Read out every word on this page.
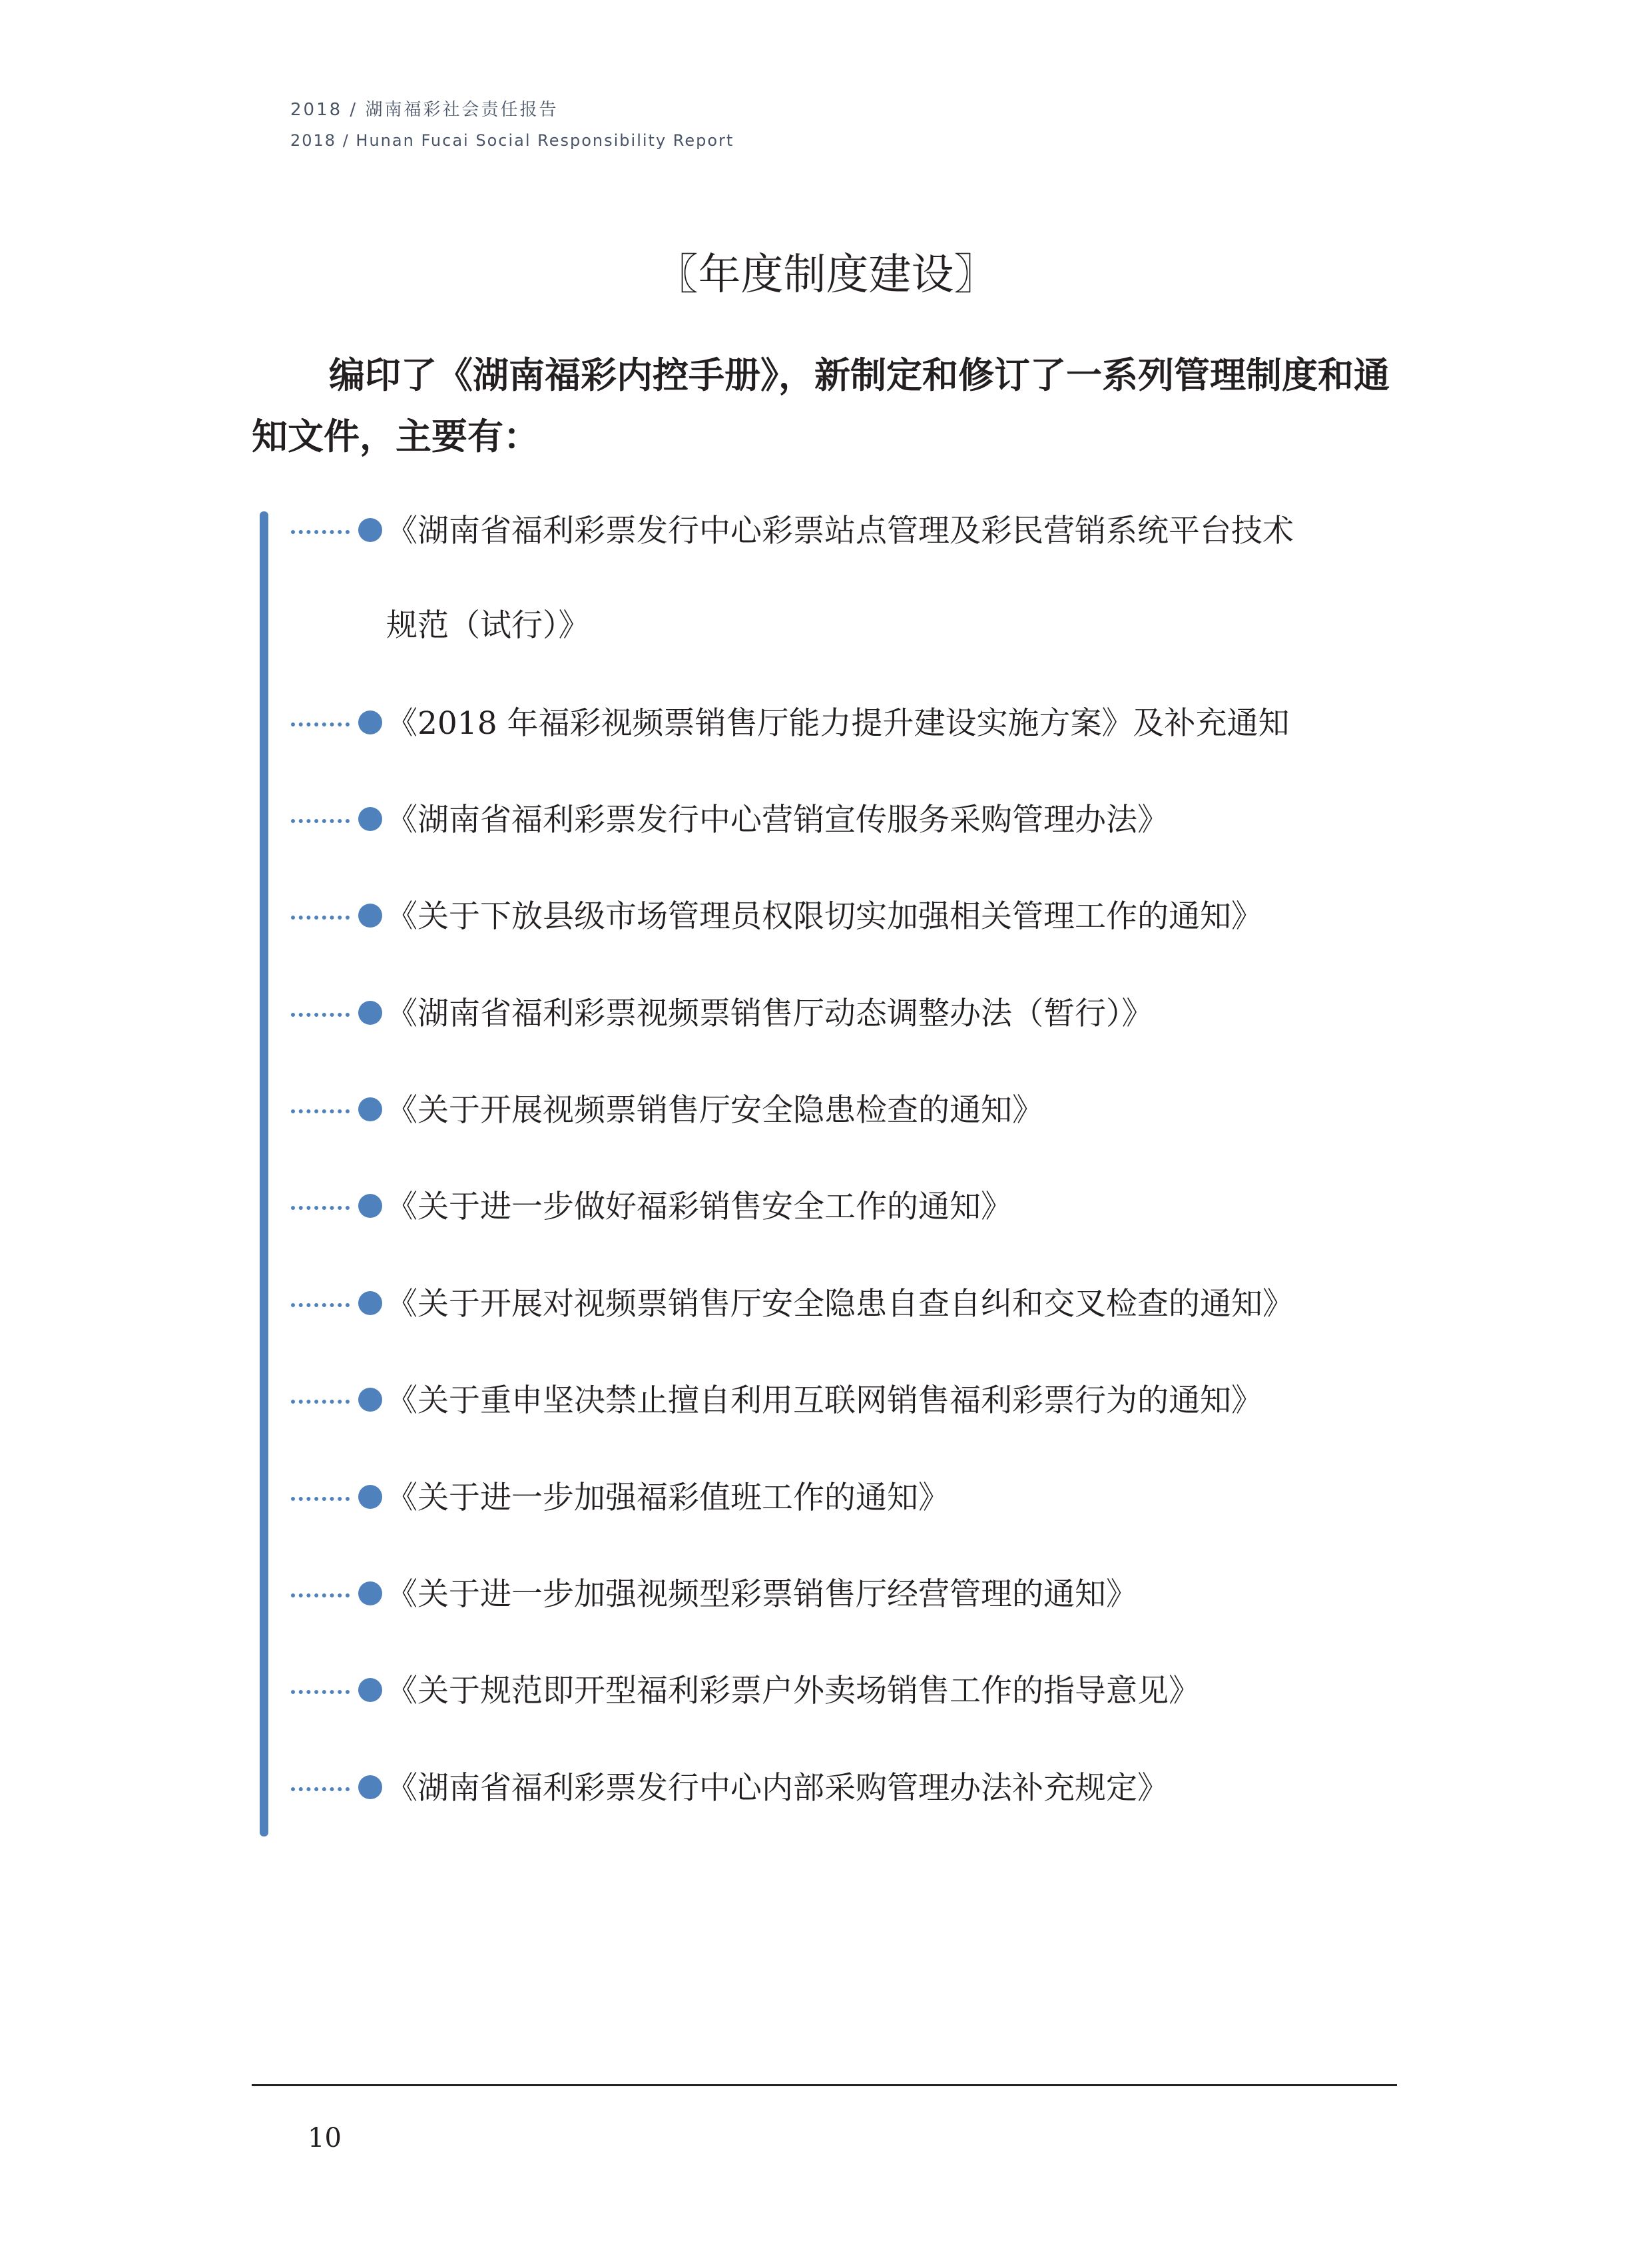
2018 / 湖南福彩社会责任报告
2018 / Hunan Fucai Social Responsibility Report
〖年度制度建设〗
编印了《湖南福彩内控手册》，新制定和修订了一系列管理制度和通知文件，主要有：
《湖南省福利彩票发行中心彩票站点管理及彩民营销系统平台技术
规范（试行）》
《2018 年福彩视频票销售厅能力提升建设实施方案》及补充通知
《湖南省福利彩票发行中心营销宣传服务采购管理办法》
《关于下放县级市场管理员权限切实加强相关管理工作的通知》
《湖南省福利彩票视频票销售厅动态调整办法（暂行）》
《关于开展视频票销售厅安全隐患检查的通知》
《关于进一步做好福彩销售安全工作的通知》
《关于开展对视频票销售厅安全隐患自查自纠和交叉检查的通知》
《关于重申坚决禁止擅自利用互联网销售福利彩票行为的通知》
《关于进一步加强福彩值班工作的通知》
《关于进一步加强视频型彩票销售厅经营管理的通知》
《关于规范即开型福利彩票户外卖场销售工作的指导意见》
《湖南省福利彩票发行中心内部采购管理办法补充规定》
10
